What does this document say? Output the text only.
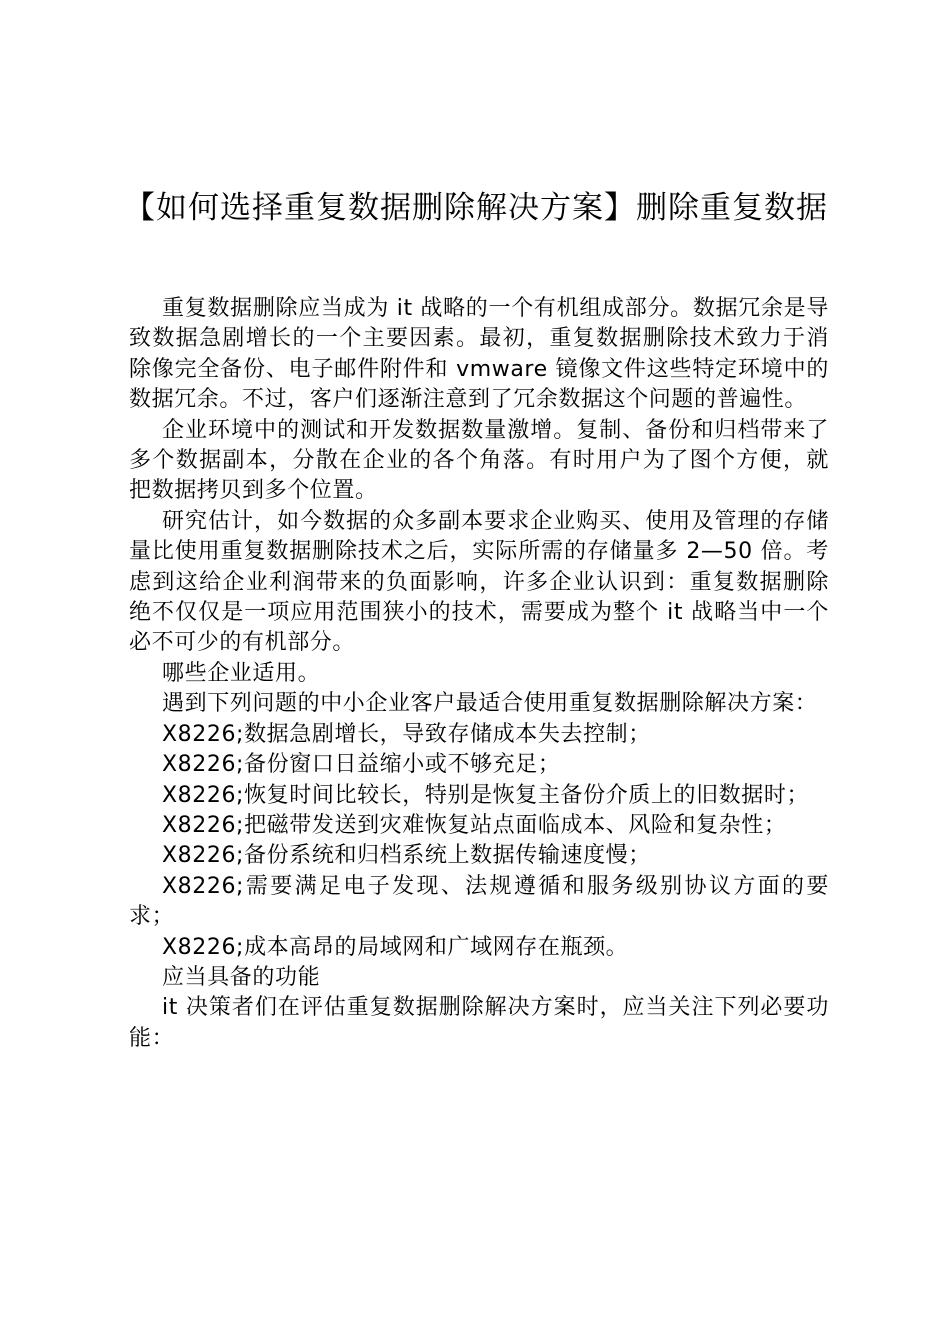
【如何选择重复数据删除解决方案】删除重复数据

重复数据删除应当成为 it 战略的一个有机组成部分。数据冗余是导致数据急剧增长的一个主要因素。最初，重复数据删除技术致力于消除像完全备份、电子邮件附件和 vmware 镜像文件这些特定环境中的数据冗余。不过，客户们逐渐注意到了冗余数据这个问题的普遍性。

企业环境中的测试和开发数据数量激增。复制、备份和归档带来了多个数据副本，分散在企业的各个角落。有时用户为了图个方便，就把数据拷贝到多个位置。

研究估计，如今数据的众多副本要求企业购买、使用及管理的存储量比使用重复数据删除技术之后，实际所需的存储量多 2—50 倍。考虑到这给企业利润带来的负面影响，许多企业认识到：重复数据删除绝不仅仅是一项应用范围狭小的技术，需要成为整个 it 战略当中一个必不可少的有机部分。

哪些企业适用。

遇到下列问题的中小企业客户最适合使用重复数据删除解决方案：

X8226;数据急剧增长，导致存储成本失去控制；

X8226;备份窗口日益缩小或不够充足；

X8226;恢复时间比较长，特别是恢复主备份介质上的旧数据时；

X8226;把磁带发送到灾难恢复站点面临成本、风险和复杂性；

X8226;备份系统和归档系统上数据传输速度慢；

X8226;需要满足电子发现、法规遵循和服务级别协议方面的要求；

X8226;成本高昂的局域网和广域网存在瓶颈。

应当具备的功能

it 决策者们在评估重复数据删除解决方案时，应当关注下列必要功能：
